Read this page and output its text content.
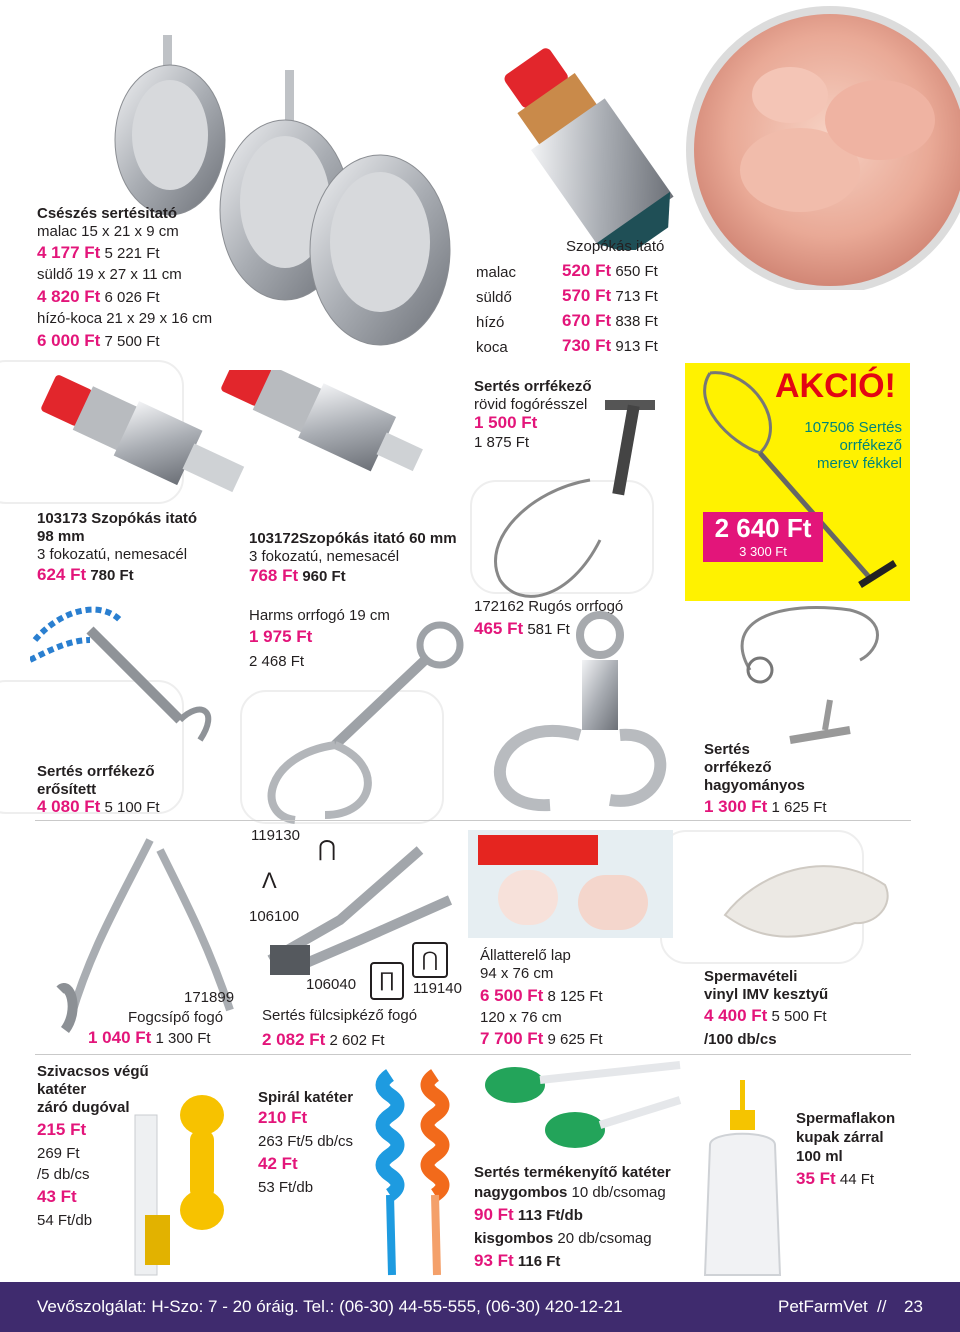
Csészés sertésitató
malac 15 x 21 x 9 cm
4 177 Ft 5 221 Ft
süldő 19 x 27 x 11 cm
4 820 Ft 6 026 Ft
hízó-koca 21 x 29 x 16 cm
6 000 Ft 7 500 Ft
Szopókás itató
malac	520 Ft 650 Ft
süldő	570 Ft 713 Ft
hízó	670 Ft 838 Ft
koca	730 Ft 913 Ft
Sertés orrfékező
rövid fogórésszel
1 500 Ft
1 875 Ft
AKCIÓ!
107506 Sertés
orrfékező
merev fékkel
2 640 Ft
3 300 Ft
103173 Szopókás itató
98 mm
3 fokozatú, nemesacél
624 Ft 780 Ft
103172Szopókás itató 60 mm
3 fokozatú, nemesacél
768 Ft 960 Ft
Harms orrfogó 19 cm
1 975 Ft
2 468 Ft
172162 Rugós orrfogó
465 Ft 581 Ft
Sertés orrfékező
erősített
4 080 Ft 5 100 Ft
Sertés
orrfékező
hagyományos
1 300 Ft 1 625 Ft
119130
⋂
Λ
106100
171899
Fogcsípő fogó
1 040 Ft 1 300 Ft
106040	∏
⋂
119140
Sertés fülcsipkéző fogó
2 082 Ft 2 602 Ft
Állatterelő lap
94 x 76 cm
6 500 Ft 8 125 Ft
120 x 76 cm
7 700 Ft 9 625 Ft
Spermavételi
vinyl IMV kesztyű
4 400 Ft 5 500 Ft
/100 db/cs
Szivacsos végű
katéter
záró dugóval
215 Ft
269 Ft
/5 db/cs
43 Ft
54 Ft/db
Spirál katéter
210 Ft
263 Ft/5 db/cs
42 Ft
53 Ft/db
Sertés termékenyítő katéter
nagygombos 10 db/csomag
90 Ft 113 Ft/db
kisgombos 20 db/csomag
93 Ft 116 Ft
Spermaflakon
kupak zárral
100 ml
35 Ft 44 Ft
Vevőszolgálat: H-Szo: 7 - 20 óráig. Tel.: (06-30) 44-55-555, (06-30) 420-12-21	PetFarmVet // 23
